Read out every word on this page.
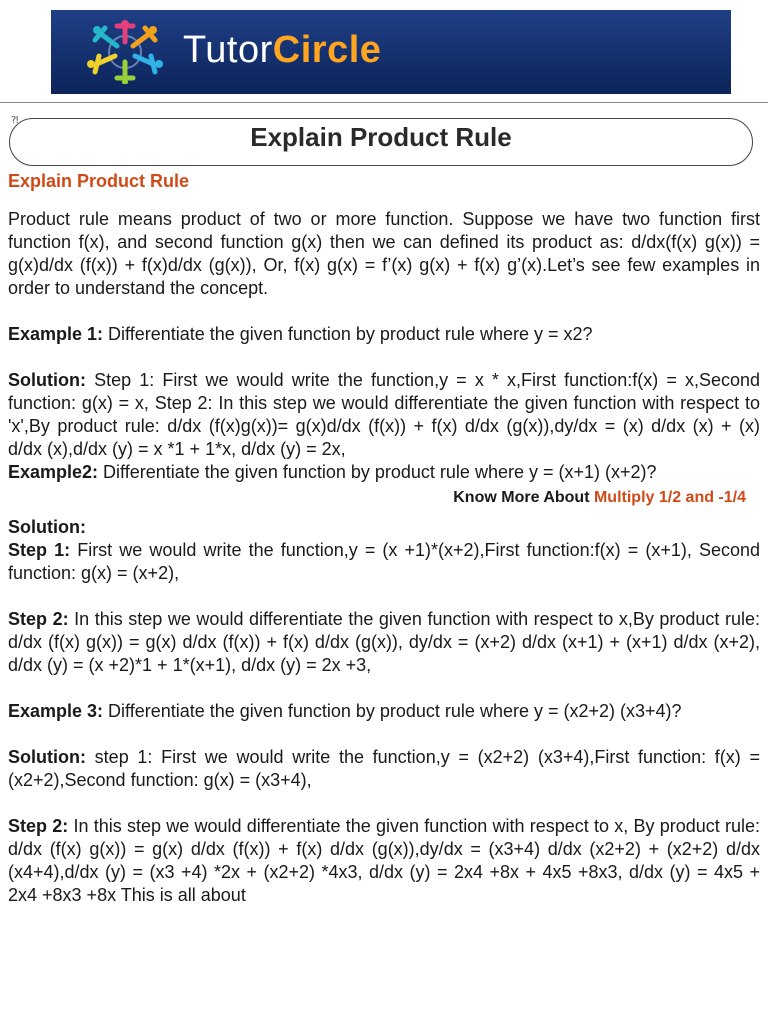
TutorCircle
⁈
Explain Product Rule

Explain Product Rule

Product rule means product of two or more function. Suppose we have two function first function f(x), and second function g(x) then we can defined its product as: d/dx(f(x) g(x)) = g(x)d/dx (f(x)) + f(x)d/dx (g(x)), Or, f(x) g(x) = f’(x) g(x) + f(x) g’(x).Let’s see few examples in order to understand the concept.

Example 1: Differentiate the given function by product rule where y = x2?

Solution: Step 1: First we would write the function,y = x * x,First function:f(x) = x,Second function: g(x) = x, Step 2: In this step we would differentiate the given function with respect to 'x',By product rule: d/dx (f(x)g(x))= g(x)d/dx (f(x)) + f(x) d/dx (g(x)),dy/dx = (x) d/dx (x) + (x) d/dx (x),d/dx (y) = x *1 + 1*x, d/dx (y) = 2x,

Example2: Differentiate the given function by product rule where y = (x+1) (x+2)?

Know More About Multiply 1/2 and -1/4

Solution:

Step 1: First we would write the function,y = (x +1)*(x+2),First function:f(x) = (x+1), Second function: g(x) = (x+2),

Step 2: In this step we would differentiate the given function with respect to x,By product rule: d/dx (f(x) g(x)) = g(x) d/dx (f(x)) + f(x) d/dx (g(x)), dy/dx = (x+2) d/dx (x+1) + (x+1) d/dx (x+2), d/dx (y) = (x +2)*1 + 1*(x+1), d/dx (y) = 2x +3,

Example 3: Differentiate the given function by product rule where y = (x2+2) (x3+4)?

Solution: step 1: First we would write the function,y = (x2+2) (x3+4),First function: f(x) = (x2+2),Second function: g(x) = (x3+4),

Step 2: In this step we would differentiate the given function with respect to x, By product rule: d/dx (f(x) g(x)) = g(x) d/dx (f(x)) + f(x) d/dx (g(x)),dy/dx = (x3+4) d/dx (x2+2) + (x2+2) d/dx (x4+4),d/dx (y) = (x3 +4) *2x + (x2+2) *4x3, d/dx (y) = 2x4 +8x + 4x5 +8x3, d/dx (y) = 4x5 + 2x4 +8x3 +8x This is all about
